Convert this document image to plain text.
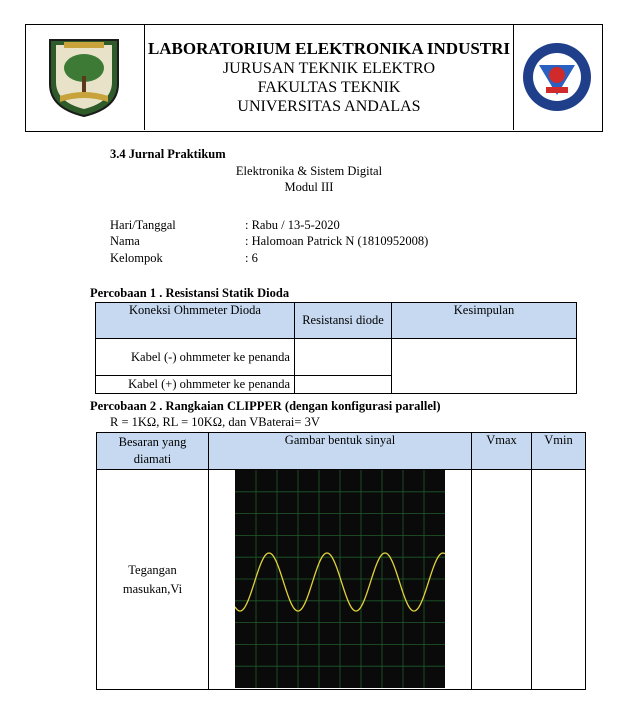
LABORATORIUM ELEKTRONIKA INDUSTRI
JURUSAN TEKNIK ELEKTRO
FAKULTAS TEKNIK
UNIVERSITAS ANDALAS
3.4 Jurnal Praktikum
Elektronika & Sistem Digital
Modul III
Hari/Tanggal	: Rabu / 13-5-2020
Nama	: Halomoan Patrick N (1810952008)
Kelompok	: 6
Percobaan 1 . Resistansi Statik Dioda
Koneksi Ohmmeter Dioda	Resistansi diode	Kesimpulan
Kabel (-) ohmmeter ke penanda		
Kabel (+) ohmmeter ke penanda		
Percobaan 2 . Rangkaian CLIPPER (dengan konfigurasi parallel)
R = 1KΩ, RL = 10KΩ, dan VBaterai= 3V
Besaran yang diamati	Gambar bentuk sinyal	Vmax	Vmin
Tegangan masukan,Vi	
